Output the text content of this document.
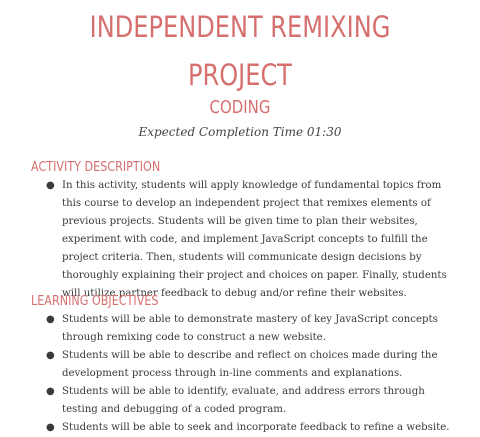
INDEPENDENT REMIXING
PROJECT
CODING

Expected Completion Time 01:30

ACTIVITY DESCRIPTION
● In this activity, students will apply knowledge of fundamental topics from this course to develop an independent project that remixes elements of previous projects. Students will be given time to plan their websites, experiment with code, and implement JavaScript concepts to fulfill the project criteria. Then, students will communicate design decisions by thoroughly explaining their project and choices on paper. Finally, students will utilize partner feedback to debug and/or refine their websites.
LEARNING OBJECTIVES
● Students will be able to demonstrate mastery of key JavaScript concepts through remixing code to construct a new website.
● Students will be able to describe and reflect on choices made during the development process through in-line comments and explanations.
● Students will be able to identify, evaluate, and address errors through testing and debugging of a coded program.
● Students will be able to seek and incorporate feedback to refine a website.
